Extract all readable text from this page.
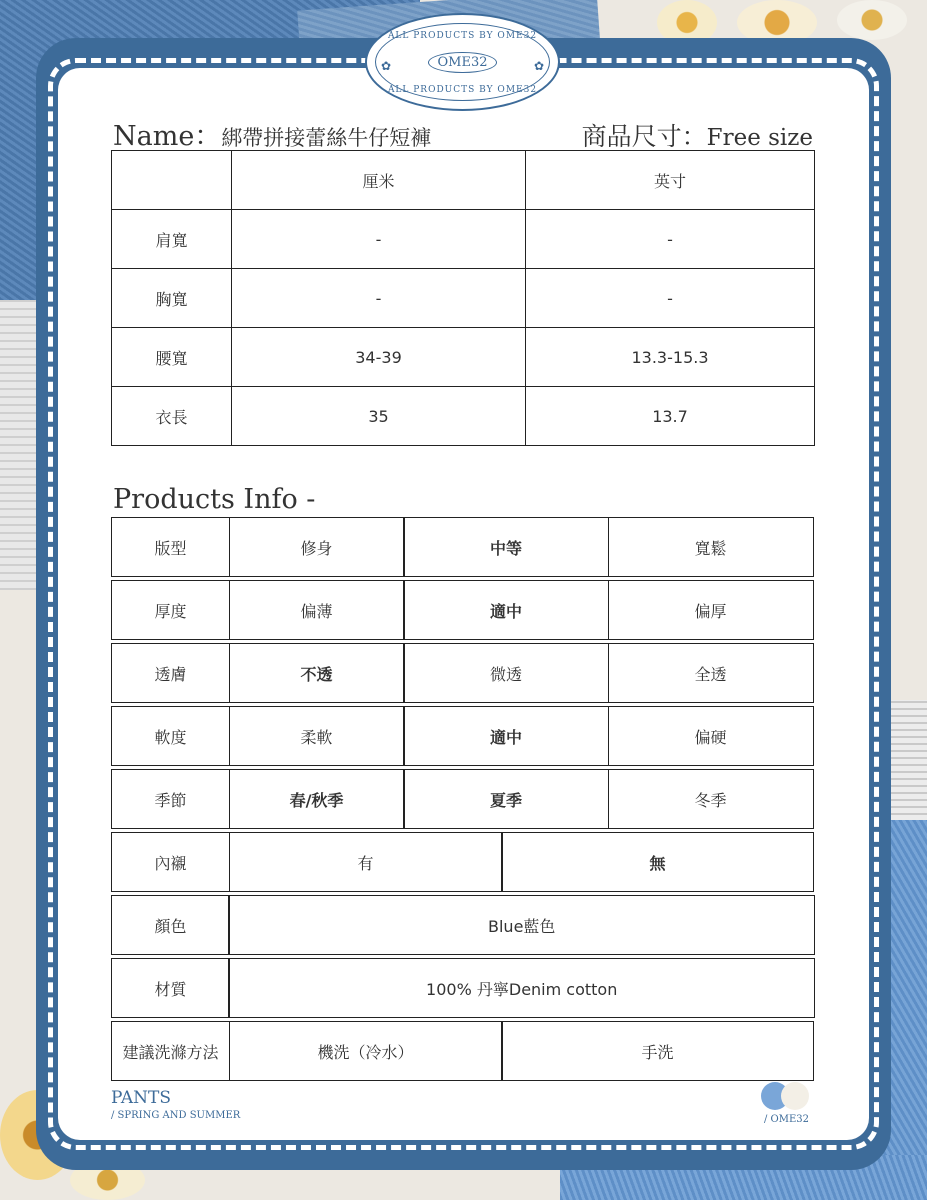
ALL PRODUCTS BY OME32
✿	OME32	✿
ALL PRODUCTS BY OME32
Name：綁帶拼接蕾絲牛仔短褲	商品尺寸：Free size
	厘米	英寸
肩寬	-	-
胸寬	-	-
腰寬	34-39	13.3-15.3
衣長	35	13.7
Products Info -
版型	修身	中等	寬鬆
厚度	偏薄	適中	偏厚
透膚	不透	微透	全透
軟度	柔軟	適中	偏硬
季節	春/秋季	夏季	冬季
內襯	有	無
顏色	Blue藍色
材質	100% 丹寧Denim cotton
建議洗滌方法	機洗（冷水）	手洗
PANTS
/ SPRING AND SUMMER	/ OME32
